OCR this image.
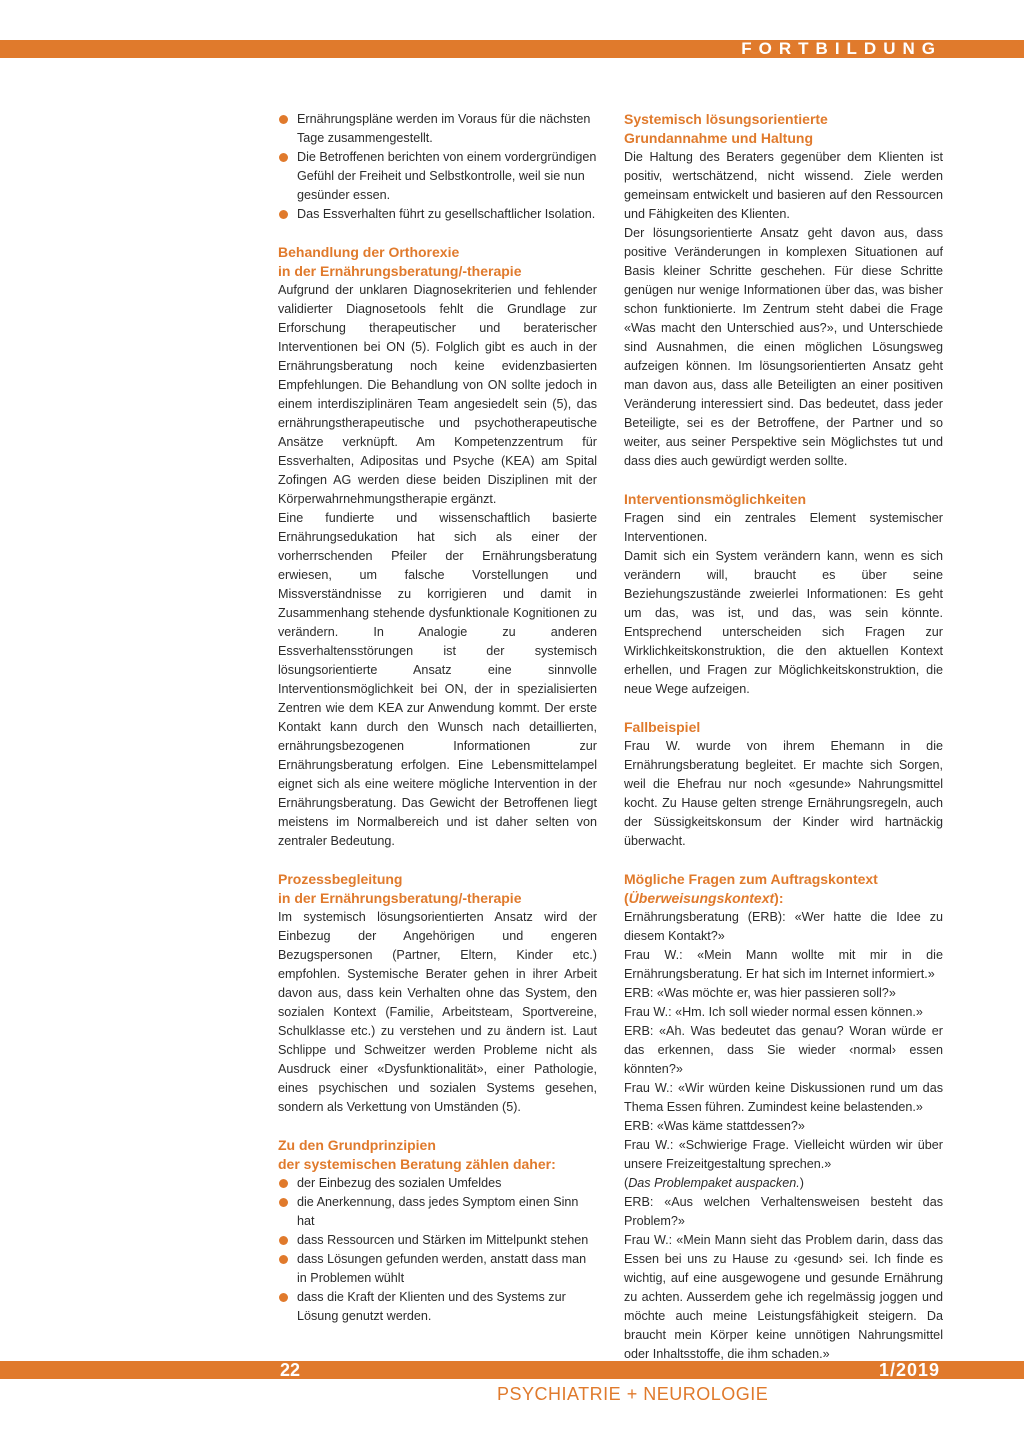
FORTBILDUNG
Ernährungspläne werden im Voraus für die nächsten Tage zusammengestellt.
Die Betroffenen berichten von einem vordergründigen Gefühl der Freiheit und Selbstkontrolle, weil sie nun gesünder essen.
Das Essverhalten führt zu gesellschaftlicher Isolation.
Behandlung der Orthorexie
in der Ernährungsberatung/-therapie

Aufgrund der unklaren Diagnosekriterien und fehlender validierter Diagnosetools fehlt die Grundlage zur Erforschung therapeutischer und beraterischer Interventionen bei ON (5). Folglich gibt es auch in der Ernährungsberatung noch keine evidenzbasierten Empfehlungen. Die Behandlung von ON sollte jedoch in einem interdisziplinären Team angesiedelt sein (5), das ernährungstherapeutische und psychotherapeutische Ansätze verknüpft. Am Kompetenzzentrum für Essverhalten, Adipositas und Psyche (KEA) am Spital Zofingen AG werden diese beiden Disziplinen mit der Körperwahrnehmungstherapie ergänzt.

Eine fundierte und wissenschaftlich basierte Ernährungsedukation hat sich als einer der vorherrschenden Pfeiler der Ernährungsberatung erwiesen, um falsche Vorstellungen und Missverständnisse zu korrigieren und damit in Zusammenhang stehende dysfunktionale Kognitionen zu verändern. In Analogie zu anderen Essverhaltensstörungen ist der systemisch lösungsorientierte Ansatz eine sinnvolle Interventionsmöglichkeit bei ON, der in spezialisierten Zentren wie dem KEA zur Anwendung kommt. Der erste Kontakt kann durch den Wunsch nach detaillierten, ernährungsbezogenen Informationen zur Ernährungsberatung erfolgen. Eine Lebensmittelampel eignet sich als eine weitere mögliche Intervention in der Ernährungsberatung. Das Gewicht der Betroffenen liegt meistens im Normalbereich und ist daher selten von zentraler Bedeutung.

Prozessbegleitung
in der Ernährungsberatung/-therapie

Im systemisch lösungsorientierten Ansatz wird der Einbezug der Angehörigen und engeren Bezugspersonen (Partner, Eltern, Kinder etc.) empfohlen. Systemische Berater gehen in ihrer Arbeit davon aus, dass kein Verhalten ohne das System, den sozialen Kontext (Familie, Arbeitsteam, Sportvereine, Schulklasse etc.) zu verstehen und zu ändern ist. Laut Schlippe und Schweitzer werden Probleme nicht als Ausdruck einer «Dysfunktionalität», einer Pathologie, eines psychischen und sozialen Systems gesehen, sondern als Verkettung von Umständen (5).

Zu den Grundprinzipien
der systemischen Beratung zählen daher:
der Einbezug des sozialen Umfeldes
die Anerkennung, dass jedes Symptom einen Sinn hat
dass Ressourcen und Stärken im Mittelpunkt stehen
dass Lösungen gefunden werden, anstatt dass man in Problemen wühlt
dass die Kraft der Klienten und des Systems zur Lösung genutzt werden.
Systemisch lösungsorientierte
Grundannahme und Haltung

Die Haltung des Beraters gegenüber dem Klienten ist positiv, wertschätzend, nicht wissend. Ziele werden gemeinsam entwickelt und basieren auf den Ressourcen und Fähigkeiten des Klienten.

Der lösungsorientierte Ansatz geht davon aus, dass positive Veränderungen in komplexen Situationen auf Basis kleiner Schritte geschehen. Für diese Schritte genügen nur wenige Informationen über das, was bisher schon funktionierte. Im Zentrum steht dabei die Frage «Was macht den Unterschied aus?», und Unterschiede sind Ausnahmen, die einen möglichen Lösungsweg aufzeigen können. Im lösungsorientierten Ansatz geht man davon aus, dass alle Beteiligten an einer positiven Veränderung interessiert sind. Das bedeutet, dass jeder Beteiligte, sei es der Betroffene, der Partner und so weiter, aus seiner Perspektive sein Möglichstes tut und dass dies auch gewürdigt werden sollte.

Interventionsmöglichkeiten

Fragen sind ein zentrales Element systemischer Interventionen.

Damit sich ein System verändern kann, wenn es sich verändern will, braucht es über seine Beziehungszustände zweierlei Informationen: Es geht um das, was ist, und das, was sein könnte. Entsprechend unterscheiden sich Fragen zur Wirklichkeitskonstruktion, die den aktuellen Kontext erhellen, und Fragen zur Möglichkeitskonstruktion, die neue Wege aufzeigen.

Fallbeispiel

Frau W. wurde von ihrem Ehemann in die Ernährungsberatung begleitet. Er machte sich Sorgen, weil die Ehefrau nur noch «gesunde» Nahrungsmittel kocht. Zu Hause gelten strenge Ernährungsregeln, auch der Süssigkeitskonsum der Kinder wird hartnäckig überwacht.

Mögliche Fragen zum Auftragskontext
(Überweisungskontext):

Ernährungsberatung (ERB): «Wer hatte die Idee zu diesem Kontakt?»

Frau W.: «Mein Mann wollte mit mir in die Ernährungsberatung. Er hat sich im Internet informiert.»

ERB: «Was möchte er, was hier passieren soll?»

Frau W.: «Hm. Ich soll wieder normal essen können.»

ERB: «Ah. Was bedeutet das genau? Woran würde er das erkennen, dass Sie wieder ‹normal› essen könnten?»

Frau W.: «Wir würden keine Diskussionen rund um das Thema Essen führen. Zumindest keine belastenden.»

ERB: «Was käme stattdessen?»

Frau W.: «Schwierige Frage. Vielleicht würden wir über unsere Freizeitgestaltung sprechen.»

(Das Problempaket auspacken.)

ERB: «Aus welchen Verhaltensweisen besteht das Problem?»

Frau W.: «Mein Mann sieht das Problem darin, dass das Essen bei uns zu Hause zu ‹gesund› sei. Ich finde es wichtig, auf eine ausgewogene und gesunde Ernährung zu achten. Ausserdem gehe ich regelmässig joggen und möchte auch meine Leistungsfähigkeit steigern. Da braucht mein Körper keine unnötigen Nahrungsmittel oder Inhaltsstoffe, die ihm schaden.»

22	1/2019
PSYCHIATRIE + NEUROLOGIE
